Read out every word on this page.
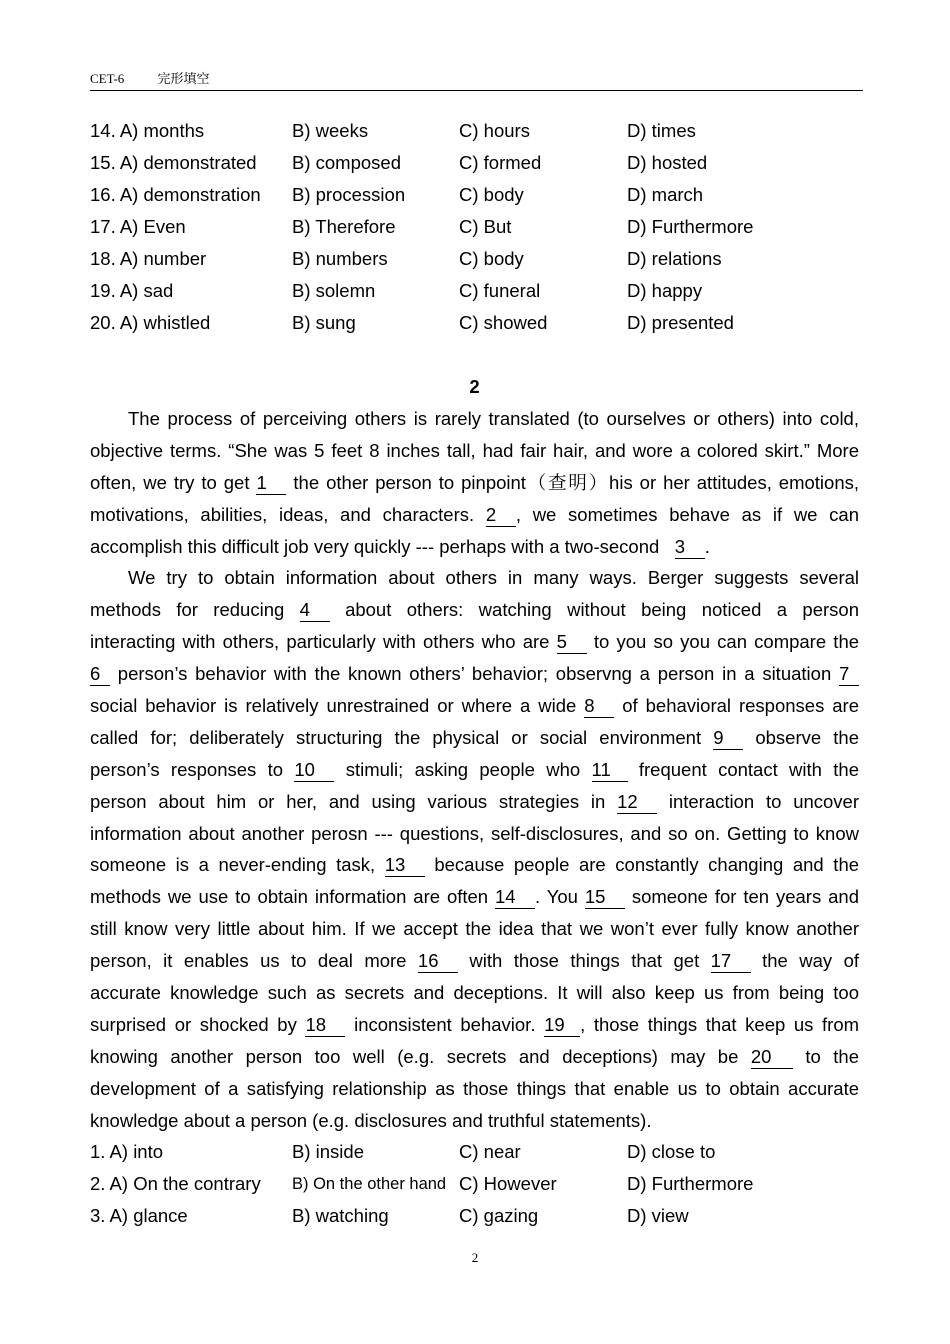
CET-6	完形填空
14. A) months	B) weeks	C) hours	D) times
15. A) demonstrated B) composed	C) formed	D) hosted
16. A) demonstration B) procession	C) body	D) march
17. A) Even	B) Therefore	C) But	D) Furthermore
18. A) number	B) numbers	C) body	D) relations
19. A) sad	B) solemn	C) funeral	D) happy
20. A) whistled	B) sung	C) showed	D) presented
2
The process of perceiving others is rarely translated (to ourselves or others) into cold,
objective terms. “She was 5 feet 8 inches tall, had fair hair, and wore a colored skirt.” More
often, we try to get 1 the other person to pinpoint（查明）his or her attitudes, emotions,
motivations, abilities, ideas, and characters. 2 , we sometimes behave as if we can
accomplish this difficult job very quickly --- perhaps with a two-second 3 .
We try to obtain information about others in many ways. Berger suggests several
methods for reducing 4 about others: watching without being noticed a person
interacting with others, particularly with others who are 5 to you so you can compare the
6 person’s behavior with the known others’ behavior; observng a person in a situation 7
social behavior is relatively unrestrained or where a wide 8 of behavioral responses are
called for; deliberately structuring the physical or social environment 9 observe the
person’s responses to 10 stimuli; asking people who 11 frequent contact with the
person about him or her, and using various strategies in 12 interaction to uncover
information about another perosn --- questions, self-disclosures, and so on. Getting to know
someone is a never-ending task, 13 because people are constantly changing and the
methods we use to obtain information are often 14 . You 15 someone for ten years and
still know very little about him. If we accept the idea that we won’t ever fully know another
person, it enables us to deal more 16 with those things that get 17 the way of
accurate knowledge such as secrets and deceptions. It will also keep us from being too
surprised or shocked by 18 inconsistent behavior. 19 , those things that keep us from
knowing another person too well (e.g. secrets and deceptions) may be 20 to the
development of a satisfying relationship as those things that enable us to obtain accurate
knowledge about a person (e.g. disclosures and truthful statements).
1. A) into	B) inside	C) near	D) close to
2. A) On the contrary B) On the other hand C) However	D) Furthermore
3. A) glance	B) watching	C) gazing	D) view
2
